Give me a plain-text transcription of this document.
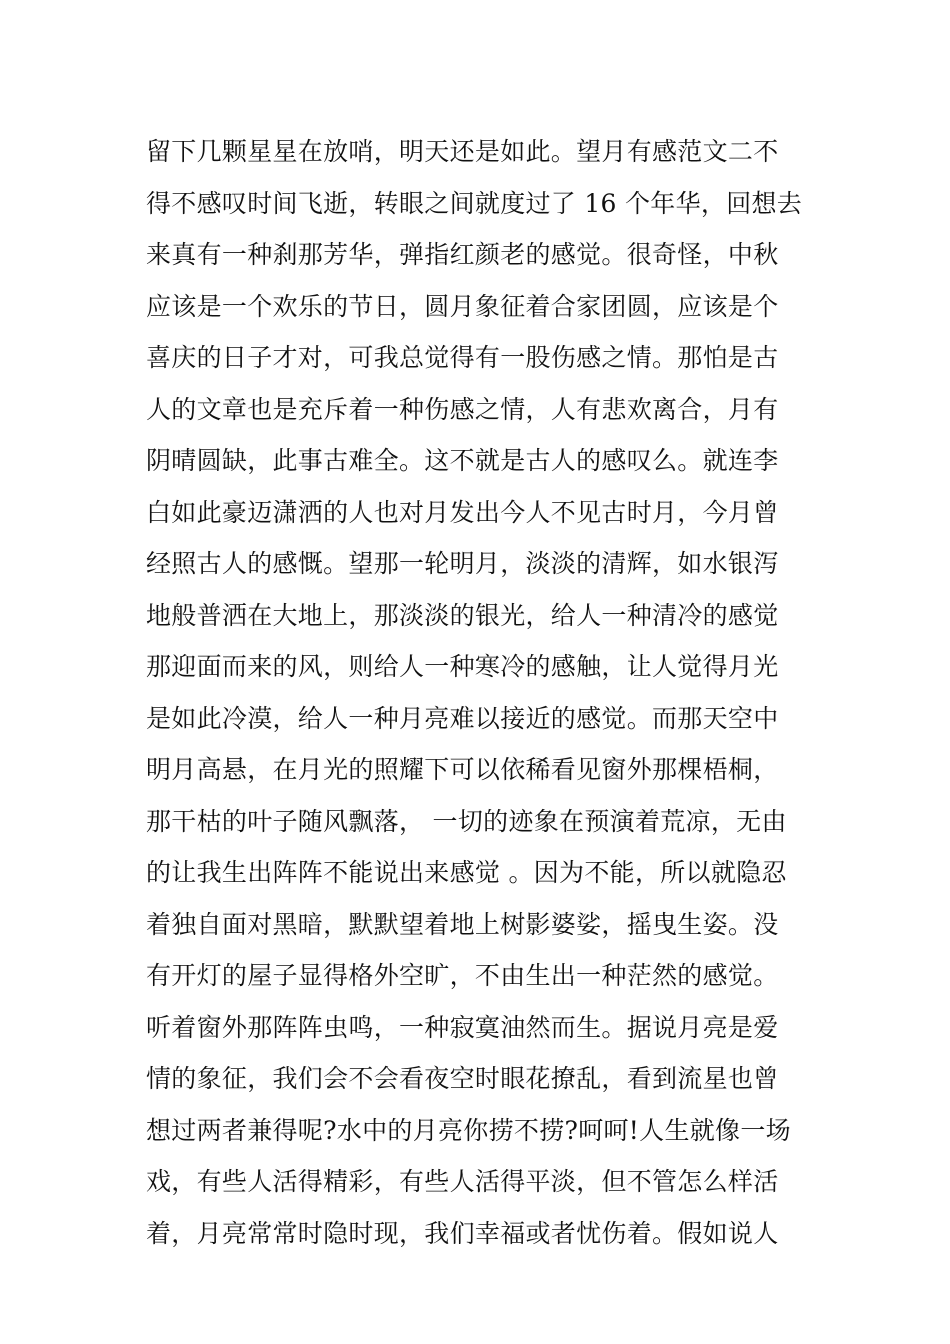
留下几颗星星在放哨，明天还是如此。望月有感范文二不
得不感叹时间飞逝，转眼之间就度过了 16 个年华，回想去
来真有一种刹那芳华，弹指红颜老的感觉。很奇怪，中秋
应该是一个欢乐的节日，圆月象征着合家团圆，应该是个
喜庆的日子才对，可我总觉得有一股伤感之情。那怕是古
人的文章也是充斥着一种伤感之情，人有悲欢离合，月有
阴晴圆缺，此事古难全。这不就是古人的感叹么。就连李
白如此豪迈潇洒的人也对月发出今人不见古时月，今月曾
经照古人的感慨。望那一轮明月，淡淡的清辉，如水银泻
地般普洒在大地上，那淡淡的银光，给人一种清冷的感觉
那迎面而来的风，则给人一种寒冷的感触，让人觉得月光
是如此冷漠，给人一种月亮难以接近的感觉。而那天空中
明月高悬，在月光的照耀下可以依稀看见窗外那棵梧桐，
那干枯的叶子随风飘落， 一切的迹象在预演着荒凉，无由
的让我生出阵阵不能说出来感觉 。因为不能，所以就隐忍
着独自面对黑暗，默默望着地上树影婆娑，摇曳生姿。没
有开灯的屋子显得格外空旷，不由生出一种茫然的感觉。
听着窗外那阵阵虫鸣，一种寂寞油然而生。据说月亮是爱
情的象征，我们会不会看夜空时眼花撩乱，看到流星也曾
想过两者兼得呢?水中的月亮你捞不捞?呵呵!人生就像一场
戏，有些人活得精彩，有些人活得平淡，但不管怎么样活
着，月亮常常时隐时现，我们幸福或者忧伤着。假如说人
